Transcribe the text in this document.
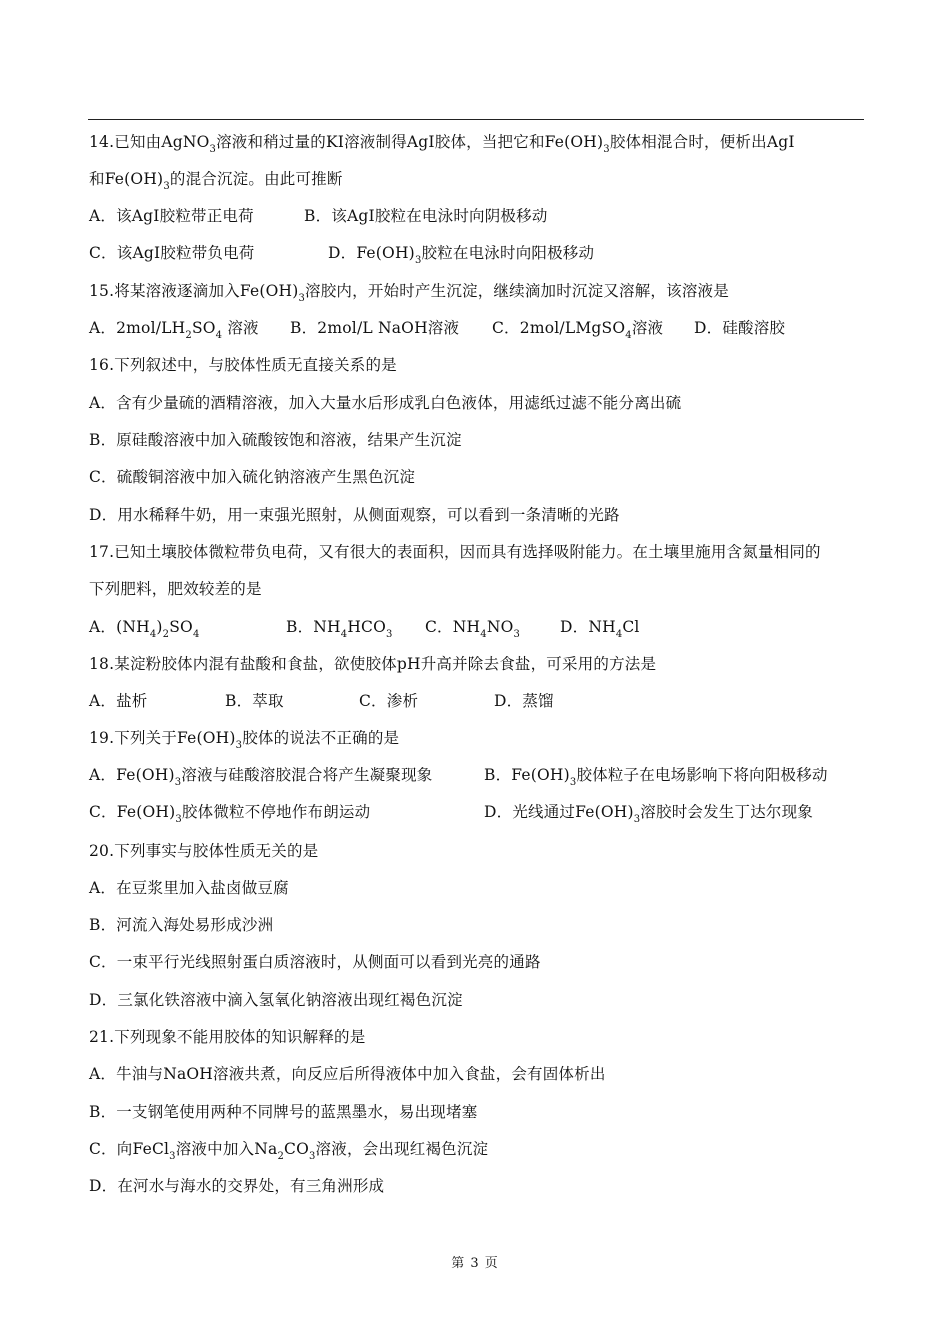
14.已知由AgNO$_3$溶液和稍过量的KI溶液制得AgI胶体，当把它和$Fe(OH)_3$胶体相混合时，便析出AgI
和$Fe(OH)_3$的混合沉淀。由此可推断
A．该AgI胶粒带正电荷	B．该AgI胶粒在电泳时向阴极移动
C．该AgI胶粒带负电荷	D．$Fe(OH)_3$胶粒在电泳时向阳极移动
15.将某溶液逐滴加入$Fe(OH)_3$溶胶内，开始时产生沉淀，继续滴加时沉淀又溶解，该溶液是
A．$2mol/LH_2SO_4$ 溶液 B．2mol/L NaOH溶液 C．2mol/LMgSO$_4$溶液 D．硅酸溶胶
16.下列叙述中，与胶体性质无直接关系的是
A．含有少量硫的酒精溶液，加入大量水后形成乳白色液体，用滤纸过滤不能分离出硫
B．原硅酸溶液中加入硫酸铵饱和溶液，结果产生沉淀
C．硫酸铜溶液中加入硫化钠溶液产生黑色沉淀
D．用水稀释牛奶，用一束强光照射，从侧面观察，可以看到一条清晰的光路
17.已知土壤胶体微粒带负电荷，又有很大的表面积，因而具有选择吸附能力。在土壤里施用含氮量相同的
下列肥料，肥效较差的是
A．$(NH_4)_2SO_4$	B．$NH_4HCO_3$ C．$NH_4NO_3$	D．$NH_4Cl$
18.某淀粉胶体内混有盐酸和食盐，欲使胶体pH升高并除去食盐，可采用的方法是
A．盐析	B．萃取	C．渗析	D．蒸馏
19.下列关于$Fe(OH)_3$胶体的说法不正确的是
A．$Fe(OH)_3$溶液与硅酸溶胶混合将产生凝聚现象	B．$Fe(OH)_3$胶体粒子在电场影响下将向阳极移动
C．$Fe(OH)_3$胶体微粒不停地作布朗运动	D．光线通过$Fe(OH)_3$溶胶时会发生丁达尔现象
20.下列事实与胶体性质无关的是
A．在豆浆里加入盐卤做豆腐
B．河流入海处易形成沙洲
C．一束平行光线照射蛋白质溶液时，从侧面可以看到光亮的通路
D．三氯化铁溶液中滴入氢氧化钠溶液出现红褐色沉淀
21.下列现象不能用胶体的知识解释的是
A．牛油与NaOH溶液共煮，向反应后所得液体中加入食盐，会有固体析出
B．一支钢笔使用两种不同牌号的蓝黑墨水，易出现堵塞
C．向FeCl$_3$溶液中加入$Na_2CO_3$溶液，会出现红褐色沉淀
D．在河水与海水的交界处，有三角洲形成
第 3 页
